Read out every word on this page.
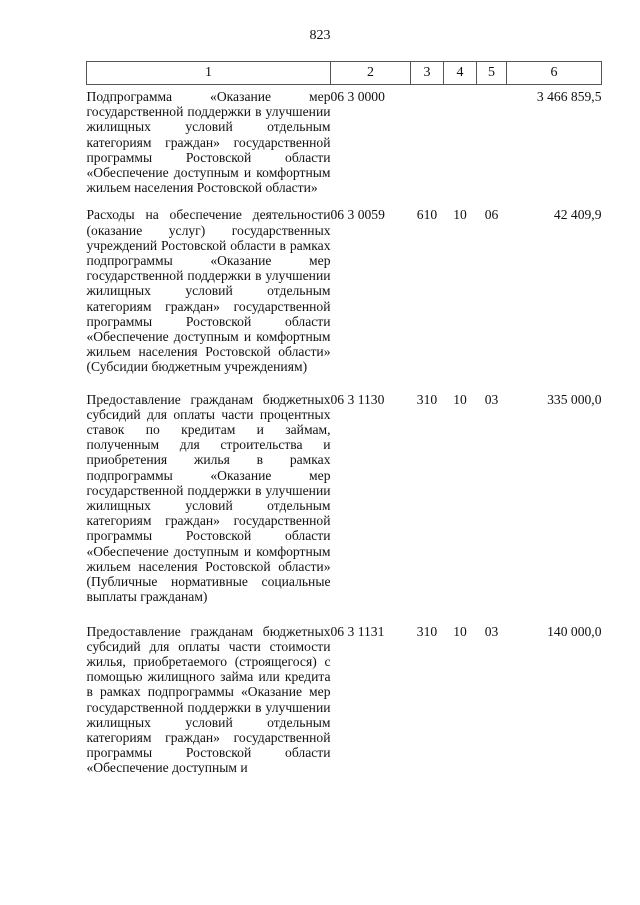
823
1	2	3	4	5	6
Подпрограмма «Оказание мер государственной поддержки в улучшении жилищных условий отдельным категориям граждан» государственной программы Ростовской области «Обеспечение доступным и комфортным жильем населения Ростовской области»	06 3 0000				3 466 859,5
Расходы на обеспечение деятельности (оказание услуг) государственных учреждений Ростовской области в рамках подпрограммы «Оказание мер государственной поддержки в улучшении жилищных условий отдельным категориям граждан» государственной программы Ростовской области «Обеспечение доступным и комфортным жильем населения Ростовской области» (Субсидии бюджетным учреждениям)	06 3 0059	610	10	06	42 409,9
Предоставление гражданам бюджетных субсидий для оплаты части процентных ставок по кредитам и займам, полученным для строительства и приобретения жилья в рамках подпрограммы «Оказание мер государственной поддержки в улучшении жилищных условий отдельным категориям граждан» государственной программы Ростовской области «Обеспечение доступным и комфортным жильем населения Ростовской области» (Публичные нормативные социальные выплаты гражданам)	06 3 1130	310	10	03	335 000,0
Предоставление гражданам бюджетных субсидий для оплаты части стоимости жилья, приобретаемого (строящегося) с помощью жилищного займа или кредита в рамках подпрограммы «Оказание мер государственной поддержки в улучшении жилищных условий отдельным категориям граждан» государственной программы Ростовской области «Обеспечение доступным и	06 3 1131	310	10	03	140 000,0
